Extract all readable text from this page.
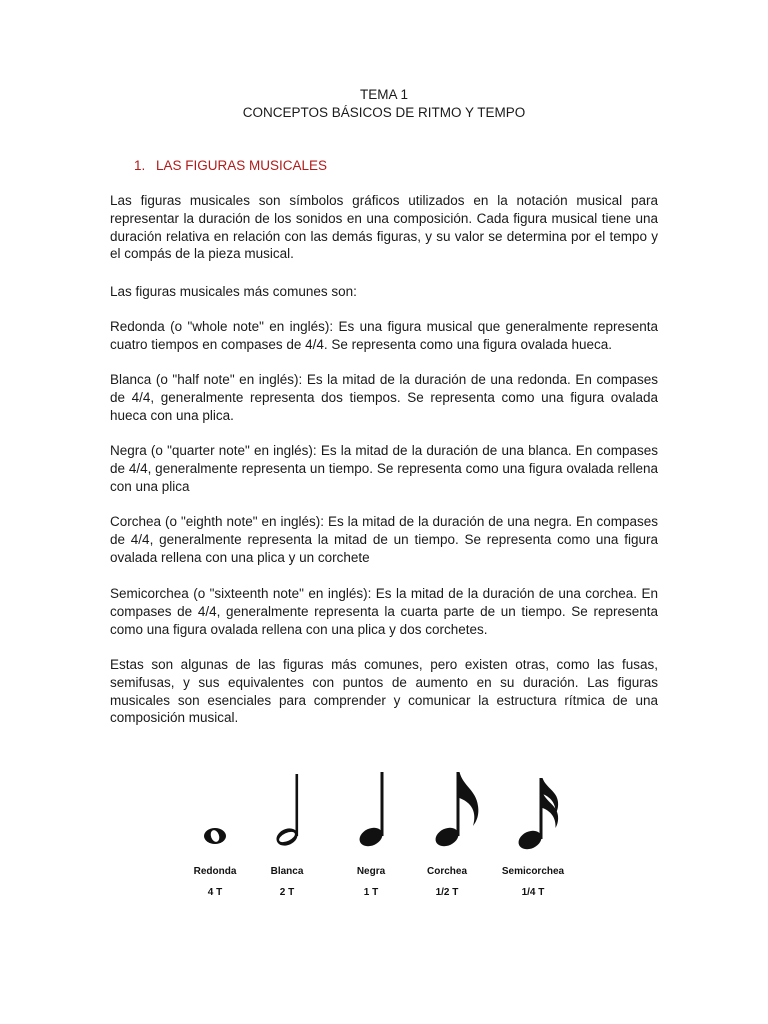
TEMA 1
CONCEPTOS BÁSICOS DE RITMO Y TEMPO
1. LAS FIGURAS MUSICALES

Las figuras musicales son símbolos gráficos utilizados en la notación musical para representar la duración de los sonidos en una composición. Cada figura musical tiene una duración relativa en relación con las demás figuras, y su valor se determina por el tempo y el compás de la pieza musical.

Las figuras musicales más comunes son:

Redonda (o "whole note" en inglés): Es una figura musical que generalmente representa cuatro tiempos en compases de 4/4. Se representa como una figura ovalada hueca.

Blanca (o "half note" en inglés): Es la mitad de la duración de una redonda. En compases de 4/4, generalmente representa dos tiempos. Se representa como una figura ovalada hueca con una plica.

Negra (o "quarter note" en inglés): Es la mitad de la duración de una blanca. En compases de 4/4, generalmente representa un tiempo. Se representa como una figura ovalada rellena con una plica

Corchea (o "eighth note" en inglés): Es la mitad de la duración de una negra. En compases de 4/4, generalmente representa la mitad de un tiempo. Se representa como una figura ovalada rellena con una plica y un corchete

Semicorchea (o "sixteenth note" en inglés): Es la mitad de la duración de una corchea. En compases de 4/4, generalmente representa la cuarta parte de un tiempo. Se representa como una figura ovalada rellena con una plica y dos corchetes.

Estas son algunas de las figuras más comunes, pero existen otras, como las fusas, semifusas, y sus equivalentes con puntos de aumento en su duración. Las figuras musicales son esenciales para comprender y comunicar la estructura rítmica de una composición musical.

Redonda	Blanca	Negra	Corchea	Semicorchea
4 T	2 T	1 T	1/2 T	1/4 T
